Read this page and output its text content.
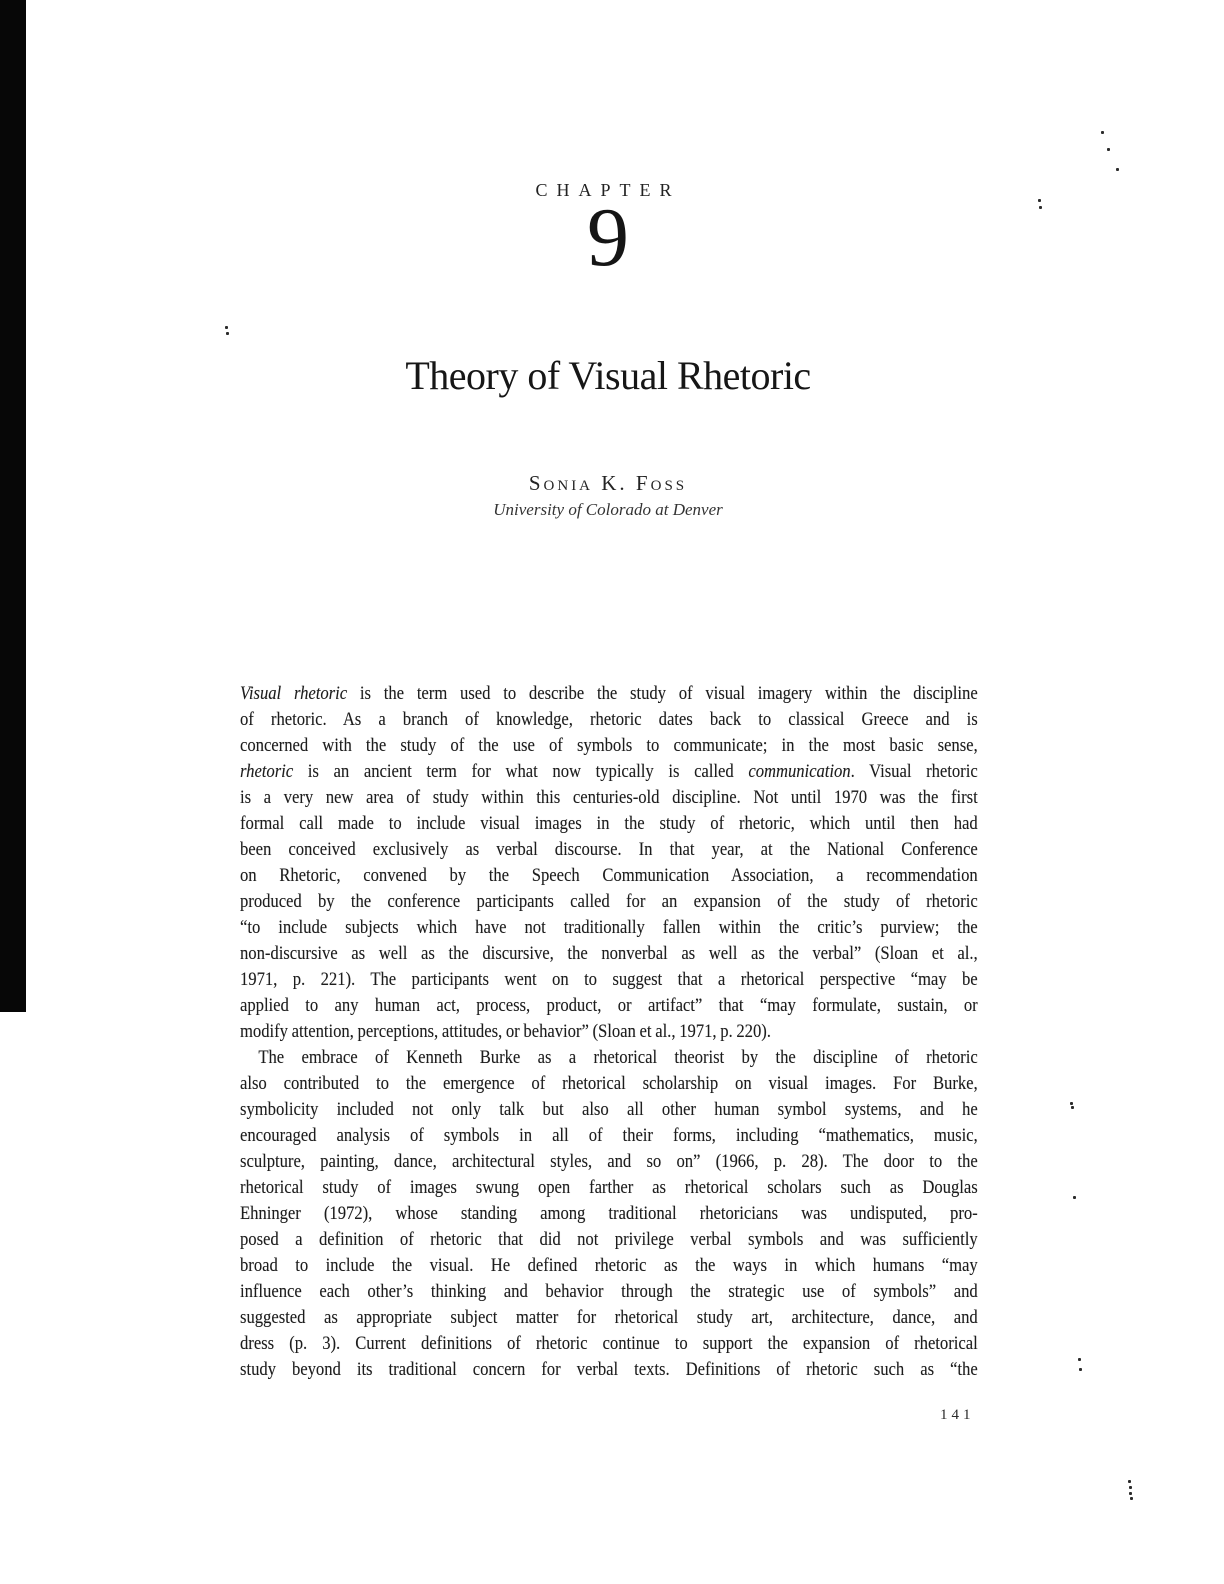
CHAPTER
9
Theory of Visual Rhetoric
Sonia K. Foss
University of Colorado at Denver
Visual rhetoric is the term used to describe the study of visual imagery within the discipline
of rhetoric. As a branch of knowledge, rhetoric dates back to classical Greece and is
concerned with the study of the use of symbols to communicate; in the most basic sense,
rhetoric is an ancient term for what now typically is called communication. Visual rhetoric
is a very new area of study within this centuries-old discipline. Not until 1970 was the first
formal call made to include visual images in the study of rhetoric, which until then had
been conceived exclusively as verbal discourse. In that year, at the National Conference
on Rhetoric, convened by the Speech Communication Association, a recommendation
produced by the conference participants called for an expansion of the study of rhetoric
“to include subjects which have not traditionally fallen within the critic’s purview; the
non-discursive as well as the discursive, the nonverbal as well as the verbal” (Sloan et al.,
1971, p. 221). The participants went on to suggest that a rhetorical perspective “may be
applied to any human act, process, product, or artifact” that “may formulate, sustain, or
modify attention, perceptions, attitudes, or behavior” (Sloan et al., 1971, p. 220).
The embrace of Kenneth Burke as a rhetorical theorist by the discipline of rhetoric
also contributed to the emergence of rhetorical scholarship on visual images. For Burke,
symbolicity included not only talk but also all other human symbol systems, and he
encouraged analysis of symbols in all of their forms, including “mathematics, music,
sculpture, painting, dance, architectural styles, and so on” (1966, p. 28). The door to the
rhetorical study of images swung open farther as rhetorical scholars such as Douglas
Ehninger (1972), whose standing among traditional rhetoricians was undisputed, pro-
posed a definition of rhetoric that did not privilege verbal symbols and was sufficiently
broad to include the visual. He defined rhetoric as the ways in which humans “may
influence each other’s thinking and behavior through the strategic use of symbols” and
suggested as appropriate subject matter for rhetorical study art, architecture, dance, and
dress (p. 3). Current definitions of rhetoric continue to support the expansion of rhetorical
study beyond its traditional concern for verbal texts. Definitions of rhetoric such as “the
141
